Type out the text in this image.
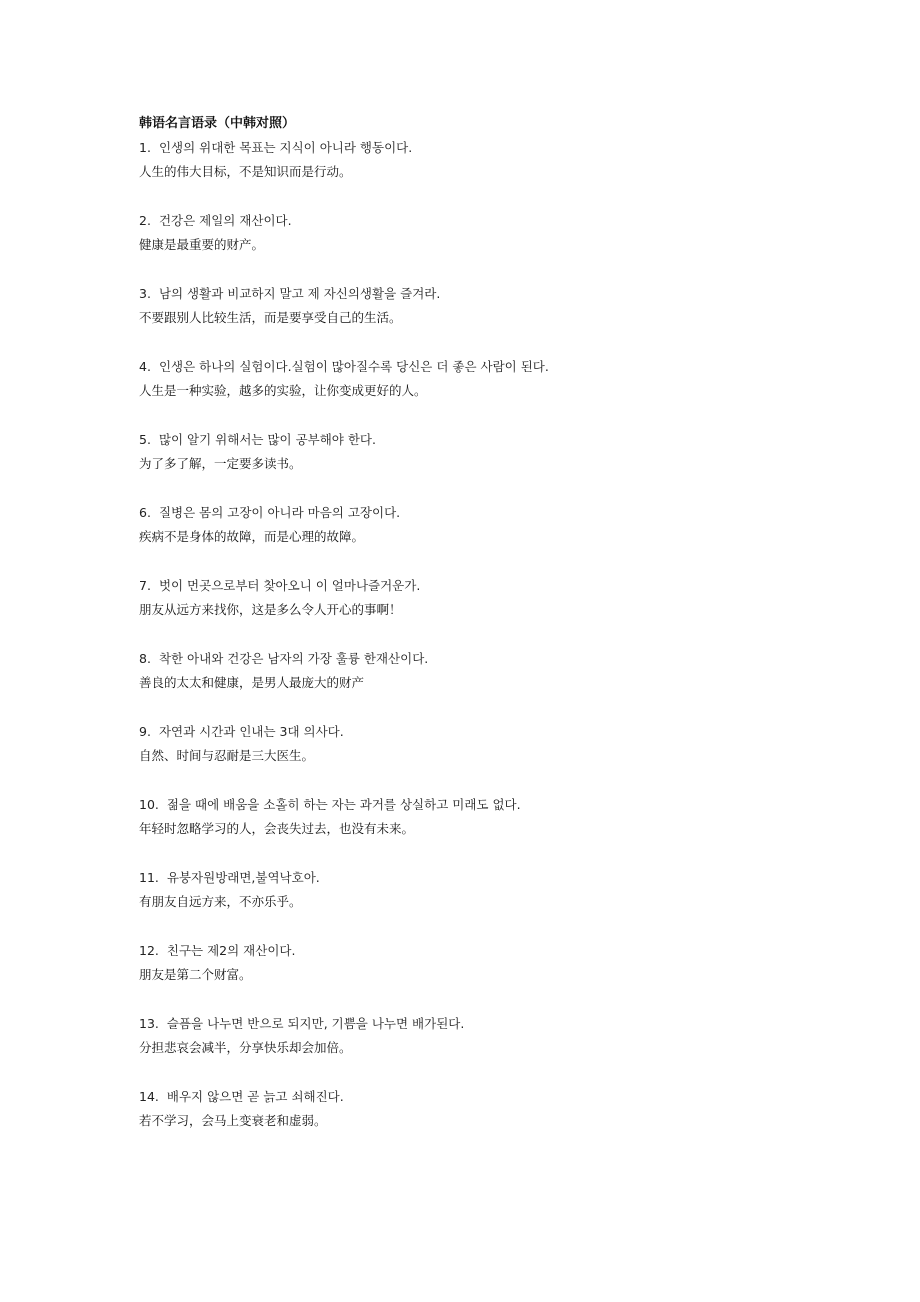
韩语名言语录（中韩对照）
1. 인생의 위대한 목표는 지식이 아니라 행동이다.
人生的伟大目标，不是知识而是行动。
2. 건강은 제일의 재산이다.
健康是最重要的财产。
3. 남의 생활과 비교하지 말고 제 자신의생활을 즐겨라.
不要跟别人比较生活，而是要享受自己的生活。
4. 인생은 하나의 실험이다.실험이 많아질수록 당신은 더 좋은 사람이 된다.
人生是一种实验，越多的实验，让你变成更好的人。
5. 많이 알기 위해서는 많이 공부해야 한다.
为了多了解，一定要多读书。
6. 질병은 몸의 고장이 아니라 마음의 고장이다.
疾病不是身体的故障，而是心理的故障。
7. 벗이 먼곳으로부터 찾아오니 이 얼마나즐거운가.
朋友从远方来找你，这是多么令人开心的事啊！
8. 착한 아내와 건강은 남자의 가장 훌륭 한재산이다.
善良的太太和健康，是男人最庞大的财产
9. 자연과 시간과 인내는 3대 의사다.
自然、时间与忍耐是三大医生。
10. 젊을 때에 배움을 소홀히 하는 자는 과거를 상실하고 미래도 없다.
年轻时忽略学习的人，会丧失过去，也没有未来。
11. 유붕자원방래면,불역낙호아.
有朋友自远方来，不亦乐乎。
12. 친구는 제2의 재산이다.
朋友是第二个财富。
13. 슬픔을 나누면 반으로 되지만, 기쁨을 나누면 배가된다.
分担悲哀会减半，分享快乐却会加倍。
14. 배우지 않으면 곧 늙고 쇠해진다.
若不学习，会马上变衰老和虚弱。
